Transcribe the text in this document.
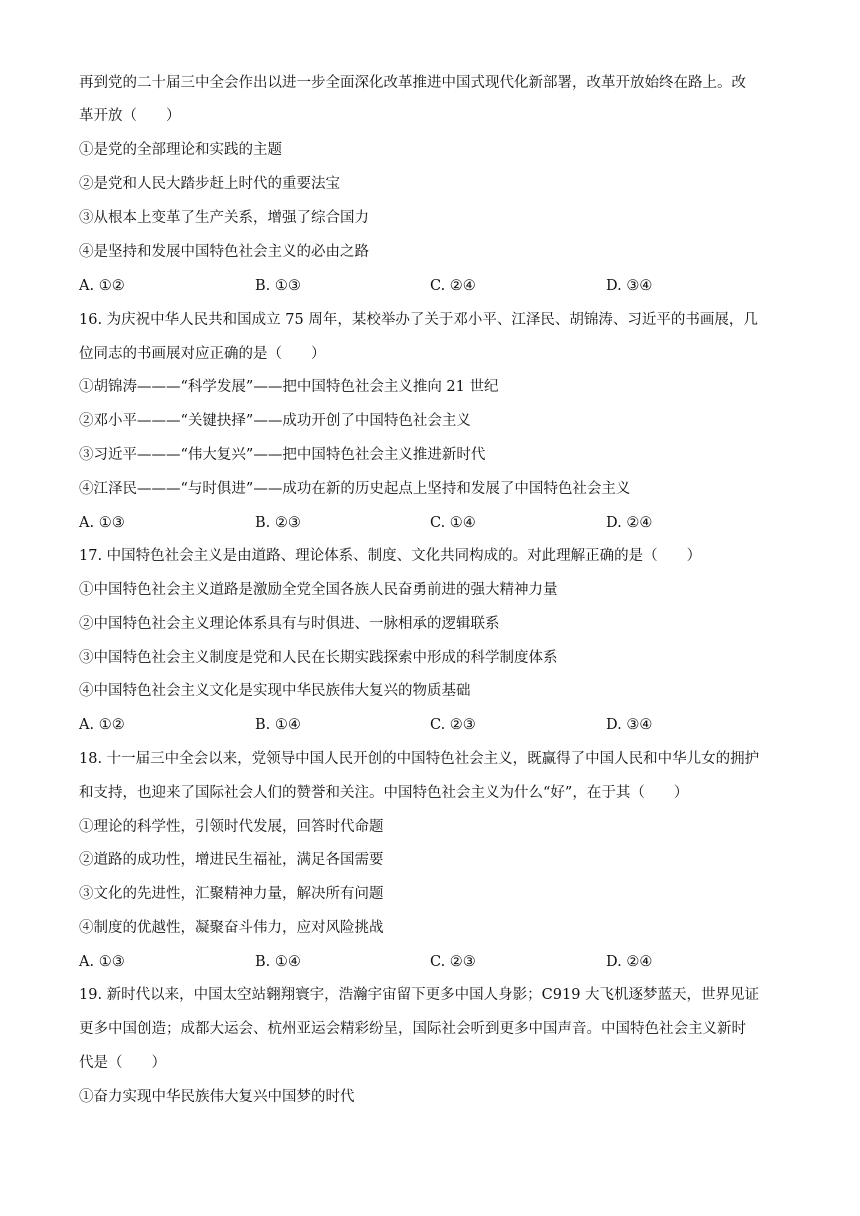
再到党的二十届三中全会作出以进一步全面深化改革推进中国式现代化新部署，改革开放始终在路上。改
革开放（　　）
①是党的全部理论和实践的主题
②是党和人民大踏步赶上时代的重要法宝
③从根本上变革了生产关系，增强了综合国力
④是坚持和发展中国特色社会主义的必由之路
A. ①②	B. ①③	C. ②④	D. ③④
16. 为庆祝中华人民共和国成立 75 周年，某校举办了关于邓小平、江泽民、胡锦涛、习近平的书画展，几
位同志的书画展对应正确的是（　　）
①胡锦涛———“科学发展”——把中国特色社会主义推向 21 世纪
②邓小平———“关键抉择”——成功开创了中国特色社会主义
③习近平———“伟大复兴”——把中国特色社会主义推进新时代
④江泽民———“与时俱进”——成功在新的历史起点上坚持和发展了中国特色社会主义
A. ①③	B. ②③	C. ①④	D. ②④
17. 中国特色社会主义是由道路、理论体系、制度、文化共同构成的。对此理解正确的是（　　）
①中国特色社会主义道路是激励全党全国各族人民奋勇前进的强大精神力量
②中国特色社会主义理论体系具有与时俱进、一脉相承的逻辑联系
③中国特色社会主义制度是党和人民在长期实践探索中形成的科学制度体系
④中国特色社会主义文化是实现中华民族伟大复兴的物质基础
A. ①②	B. ①④	C. ②③	D. ③④
18. 十一届三中全会以来，党领导中国人民开创的中国特色社会主义，既赢得了中国人民和中华儿女的拥护
和支持，也迎来了国际社会人们的赞誉和关注。中国特色社会主义为什么“好”，在于其（　　）
①理论的科学性，引领时代发展，回答时代命题
②道路的成功性，增进民生福祉，满足各国需要
③文化的先进性，汇聚精神力量，解决所有问题
④制度的优越性，凝聚奋斗伟力，应对风险挑战
A. ①③	B. ①④	C. ②③	D. ②④
19. 新时代以来，中国太空站翱翔寰宇，浩瀚宇宙留下更多中国人身影；C919 大飞机逐梦蓝天，世界见证
更多中国创造；成都大运会、杭州亚运会精彩纷呈，国际社会听到更多中国声音。中国特色社会主义新时
代是（　　）
①奋力实现中华民族伟大复兴中国梦的时代
